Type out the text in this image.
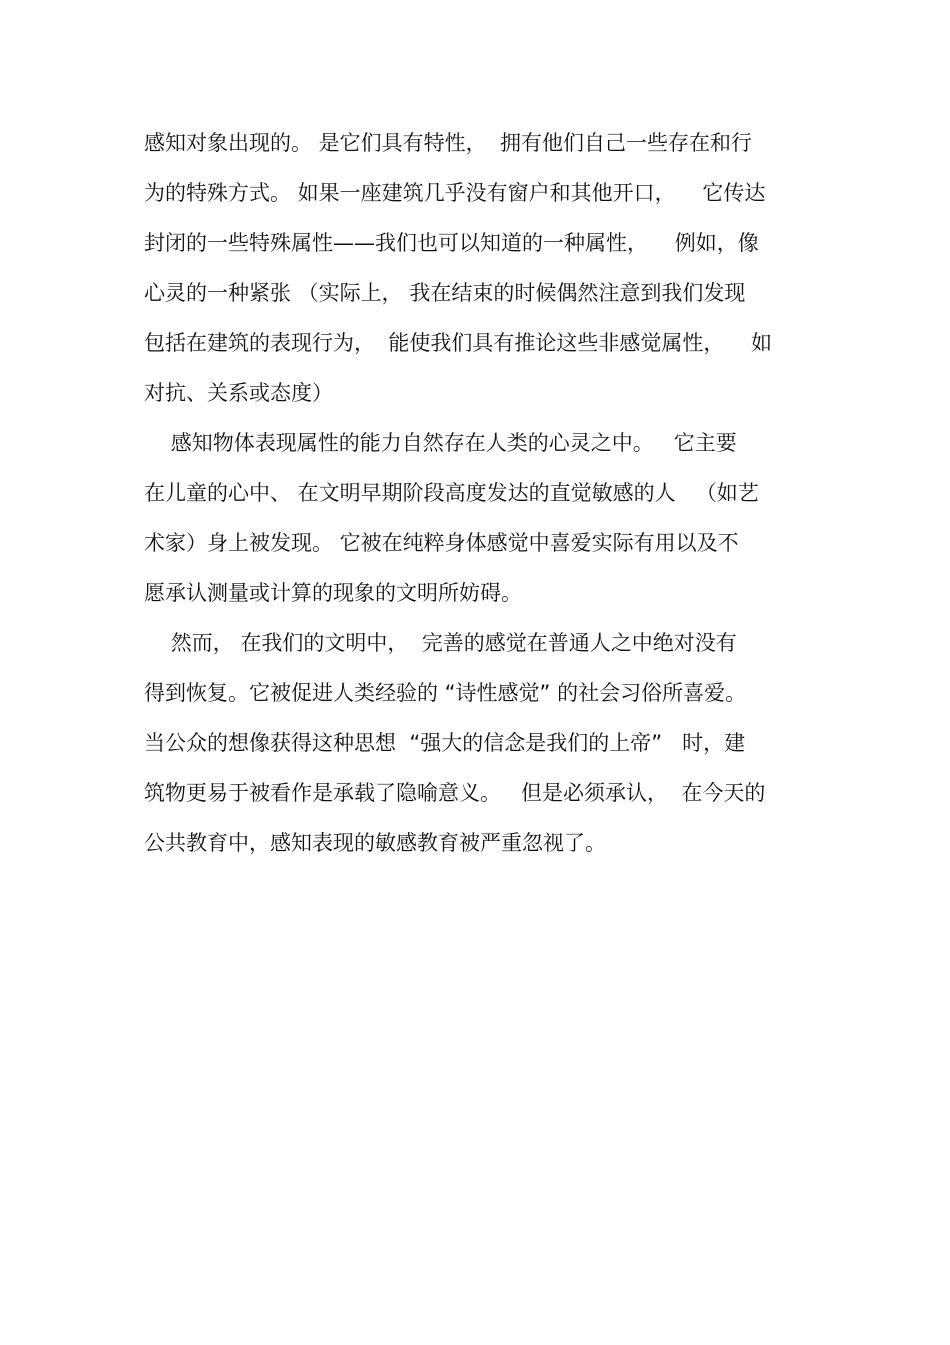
感知对象出现的。 是它们具有特性，  拥有他们自己一些存在和行
为的特殊方式。 如果一座建筑几乎没有窗户和其他开口，    它传达
封闭的一些特殊属性——我们也可以知道的一种属性，    例如，像
心灵的一种紧张 （实际上， 我在结束的时候偶然注意到我们发现
包括在建筑的表现行为，  能使我们具有推论这些非感觉属性，    如
对抗、关系或态度）
感知物体表现属性的能力自然存在人类的心灵之中。   它主要
在儿童的心中、 在文明早期阶段高度发达的直觉敏感的人   （如艺
术家）身上被发现。 它被在纯粹身体感觉中喜爱实际有用以及不
愿承认测量或计算的现象的文明所妨碍。
然而， 在我们的文明中，  完善的感觉在普通人之中绝对没有
得到恢复。它被促进人类经验的 “诗性感觉” 的社会习俗所喜爱。
当公众的想像获得这种思想  “强大的信念是我们的上帝”   时，建
筑物更易于被看作是承载了隐喻意义。   但是必须承认，  在今天的
公共教育中，感知表现的敏感教育被严重忽视了。
